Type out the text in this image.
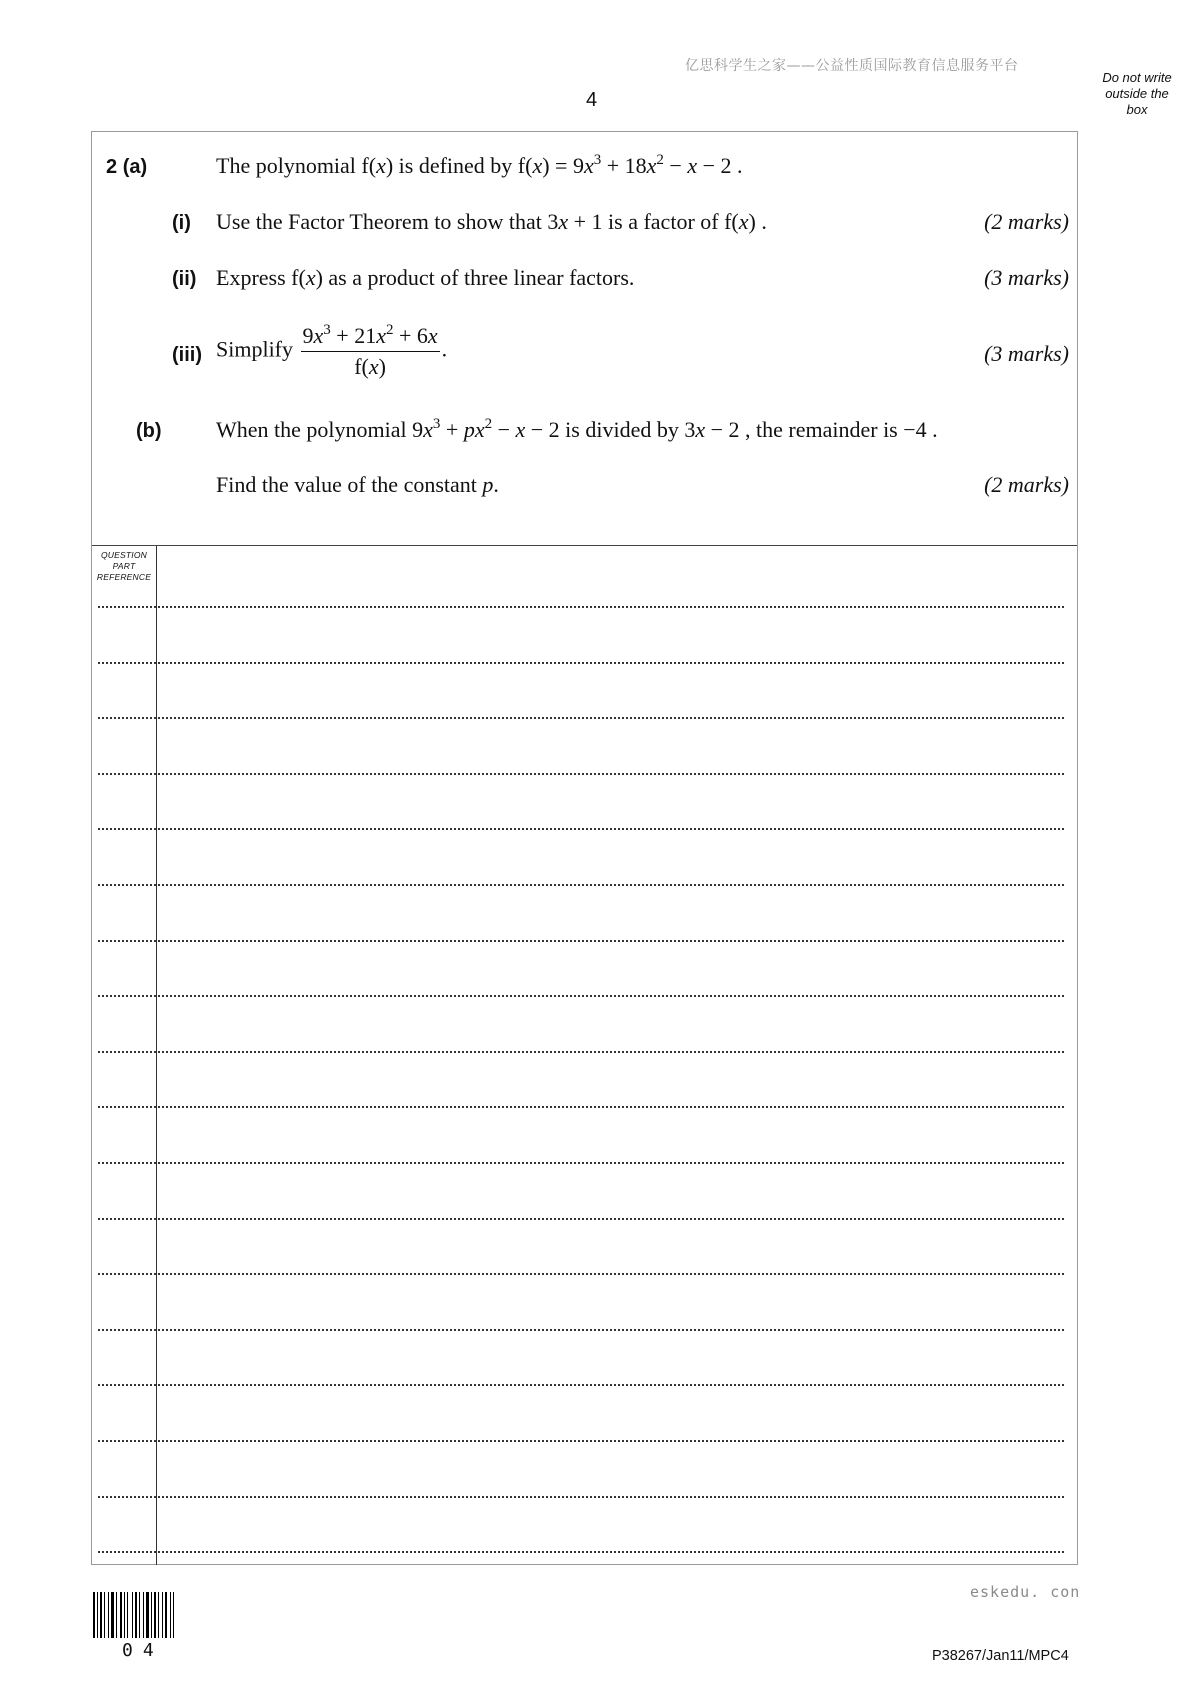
亿思科学生之家——公益性质国际教育信息服务平台
4
Do not write
outside the
box
2 (a)	The polynomial f(x) is defined by $f(x) = 9x^3 + 18x^2 - x - 2$ .
(i) Use the Factor Theorem to show that 3x + 1 is a factor of f(x) .	(2 marks)
(ii) Express f(x) as a product of three linear factors.	(3 marks)
(iii) Simplify $\frac{9x^3 + 21x^2 + 6x}{f(x)}$ .	(3 marks)
(b) When the polynomial $9x^3 + px^2 - x - 2$ is divided by 3x − 2 , the remainder is −4 .
Find the value of the constant p.	(2 marks)
QUESTION
PART
REFERENCE
eskedu. con
04	P38267/Jan11/MPC4
